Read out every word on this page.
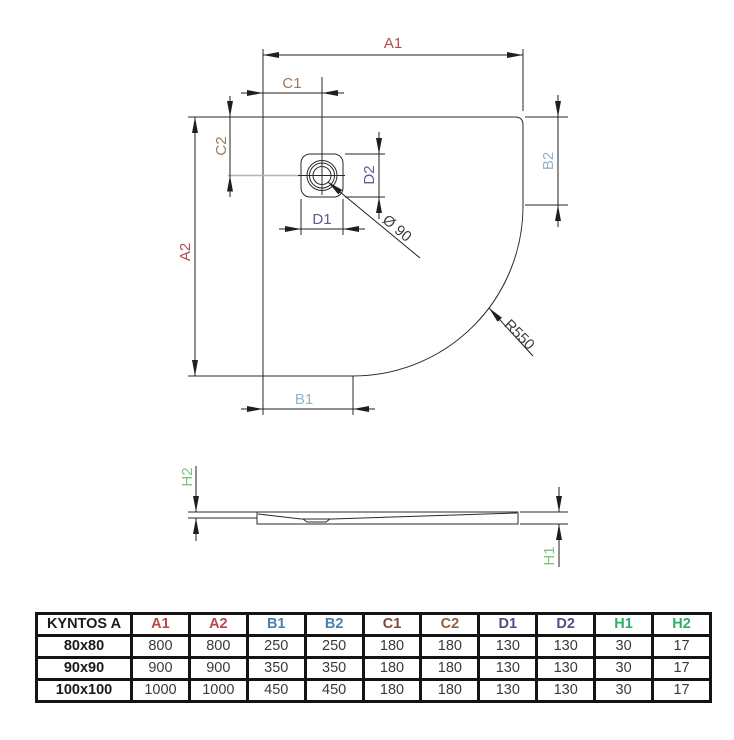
A1
C1
C2
A2
B1
B2
D1
D2
Ø 90
R550
H2
H1
KYNTOS A	A1	A2	B1	B2	C1	C2	D1	D2	H1	H2
80x80	800	800	250	250	180	180	130	130	30	17
90x90	900	900	350	350	180	180	130	130	30	17
100x100	1000	1000	450	450	180	180	130	130	30	17
